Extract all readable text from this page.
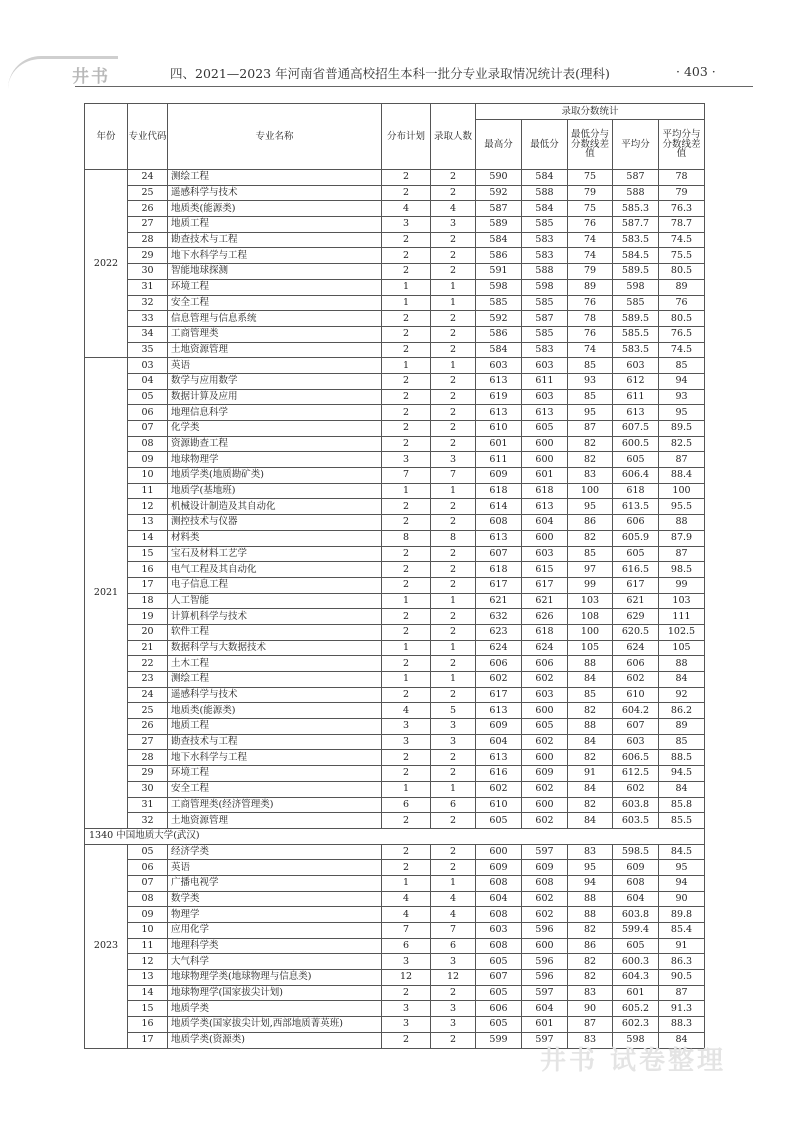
井书	四、2021—2023 年河南省普通高校招生本科一批分专业录取情况统计表(理科)	· 403 ·
年份	专业代码	专业名称	分布计划	录取人数	录取分数统计				
					最高分	最低分	最低分与分数线差值	平均分	平均分与分数线差值
2022	24	测绘工程	2	2	590	584	75	587	78
	25	遥感科学与技术	2	2	592	588	79	588	79
	26	地质类(能源类)	4	4	587	584	75	585.3	76.3
	27	地质工程	3	3	589	585	76	587.7	78.7
	28	勘查技术与工程	2	2	584	583	74	583.5	74.5
	29	地下水科学与工程	2	2	586	583	74	584.5	75.5
	30	智能地球探测	2	2	591	588	79	589.5	80.5
	31	环境工程	1	1	598	598	89	598	89
	32	安全工程	1	1	585	585	76	585	76
	33	信息管理与信息系统	2	2	592	587	78	589.5	80.5
	34	工商管理类	2	2	586	585	76	585.5	76.5
	35	土地资源管理	2	2	584	583	74	583.5	74.5
2021	03	英语	1	1	603	603	85	603	85
	04	数学与应用数学	2	2	613	611	93	612	94
	05	数据计算及应用	2	2	619	603	85	611	93
	06	地理信息科学	2	2	613	613	95	613	95
	07	化学类	2	2	610	605	87	607.5	89.5
	08	资源勘查工程	2	2	601	600	82	600.5	82.5
	09	地球物理学	3	3	611	600	82	605	87
	10	地质学类(地质勘矿类)	7	7	609	601	83	606.4	88.4
	11	地质学(基地班)	1	1	618	618	100	618	100
	12	机械设计制造及其自动化	2	2	614	613	95	613.5	95.5
	13	测控技术与仪器	2	2	608	604	86	606	88
	14	材料类	8	8	613	600	82	605.9	87.9
	15	宝石及材料工艺学	2	2	607	603	85	605	87
	16	电气工程及其自动化	2	2	618	615	97	616.5	98.5
	17	电子信息工程	2	2	617	617	99	617	99
	18	人工智能	1	1	621	621	103	621	103
	19	计算机科学与技术	2	2	632	626	108	629	111
	20	软件工程	2	2	623	618	100	620.5	102.5
	21	数据科学与大数据技术	1	1	624	624	105	624	105
	22	土木工程	2	2	606	606	88	606	88
	23	测绘工程	1	1	602	602	84	602	84
	24	遥感科学与技术	2	2	617	603	85	610	92
	25	地质类(能源类)	4	5	613	600	82	604.2	86.2
	26	地质工程	3	3	609	605	88	607	89
	27	勘查技术与工程	3	3	604	602	84	603	85
	28	地下水科学与工程	2	2	613	600	82	606.5	88.5
	29	环境工程	2	2	616	609	91	612.5	94.5
	30	安全工程	1	1	602	602	84	602	84
	31	工商管理类(经济管理类)	6	6	610	600	82	603.8	85.8
	32	土地资源管理	2	2	605	602	84	603.5	85.5
1340 中国地质大学(武汉)									
2023	05	经济学类	2	2	600	597	83	598.5	84.5
	06	英语	2	2	609	609	95	609	95
	07	广播电视学	1	1	608	608	94	608	94
	08	数学类	4	4	604	602	88	604	90
	09	物理学	4	4	608	602	88	603.8	89.8
	10	应用化学	7	7	603	596	82	599.4	85.4
	11	地理科学类	6	6	608	600	86	605	91
	12	大气科学	3	3	605	596	82	600.3	86.3
	13	地球物理学类(地球物理与信息类)	12	12	607	596	82	604.3	90.5
	14	地球物理学(国家拔尖计划)	2	2	605	597	83	601	87
	15	地质学类	3	3	606	604	90	605.2	91.3
	16	地质学类(国家拔尖计划,西部地质菁英班)	3	3	605	601	87	602.3	88.3
	17	地质学类(资源类)	2	2	599	597	83	598	84
井书 试卷整理
